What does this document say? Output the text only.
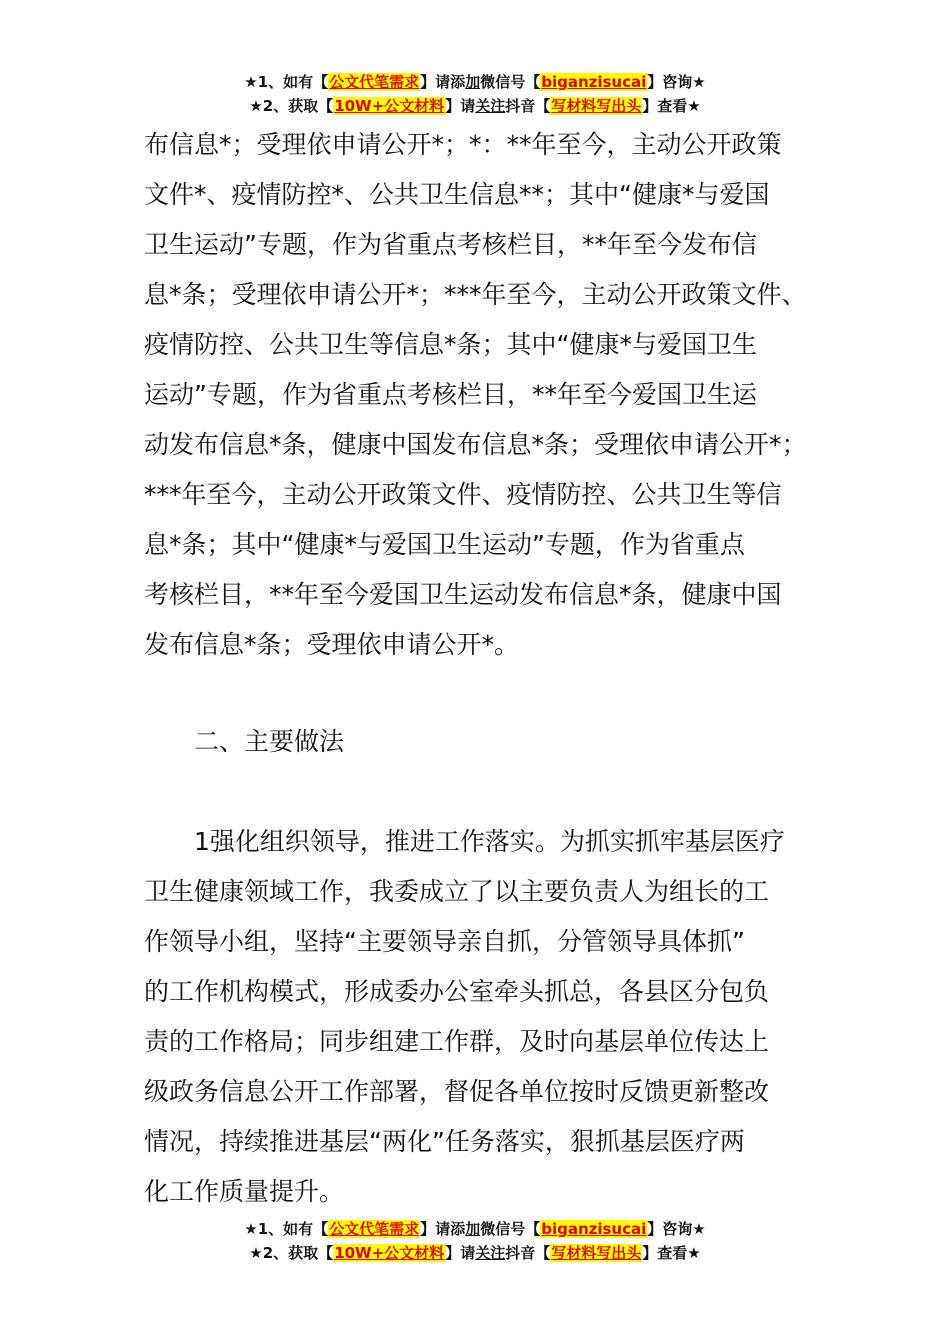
★1、如有【公文代笔需求】请添加微信号【biganzisucai】咨询★
★2、获取【10W+公文材料】请关注抖音【写材料写出头】查看★
布信息*；受理依申请公开*；*：**年至今，主动公开政策
文件*、疫情防控*、公共卫生信息**；其中“健康*与爱国
卫生运动”专题，作为省重点考核栏目，**年至今发布信
息*条；受理依申请公开*；***年至今，主动公开政策文件、
疫情防控、公共卫生等信息*条；其中“健康*与爱国卫生
运动”专题，作为省重点考核栏目，**年至今爱国卫生运
动发布信息*条，健康中国发布信息*条；受理依申请公开*；
***年至今，主动公开政策文件、疫情防控、公共卫生等信
息*条；其中“健康*与爱国卫生运动”专题，作为省重点
考核栏目，**年至今爱国卫生运动发布信息*条，健康中国
发布信息*条；受理依申请公开*。
二、主要做法
1强化组织领导，推进工作落实。为抓实抓牢基层医疗
卫生健康领域工作，我委成立了以主要负责人为组长的工
作领导小组，坚持“主要领导亲自抓，分管领导具体抓”
的工作机构模式，形成委办公室牵头抓总，各县区分包负
责的工作格局；同步组建工作群，及时向基层单位传达上
级政务信息公开工作部署，督促各单位按时反馈更新整改
情况，持续推进基层“两化”任务落实，狠抓基层医疗两
化工作质量提升。
★1、如有【公文代笔需求】请添加微信号【biganzisucai】咨询★
★2、获取【10W+公文材料】请关注抖音【写材料写出头】查看★
